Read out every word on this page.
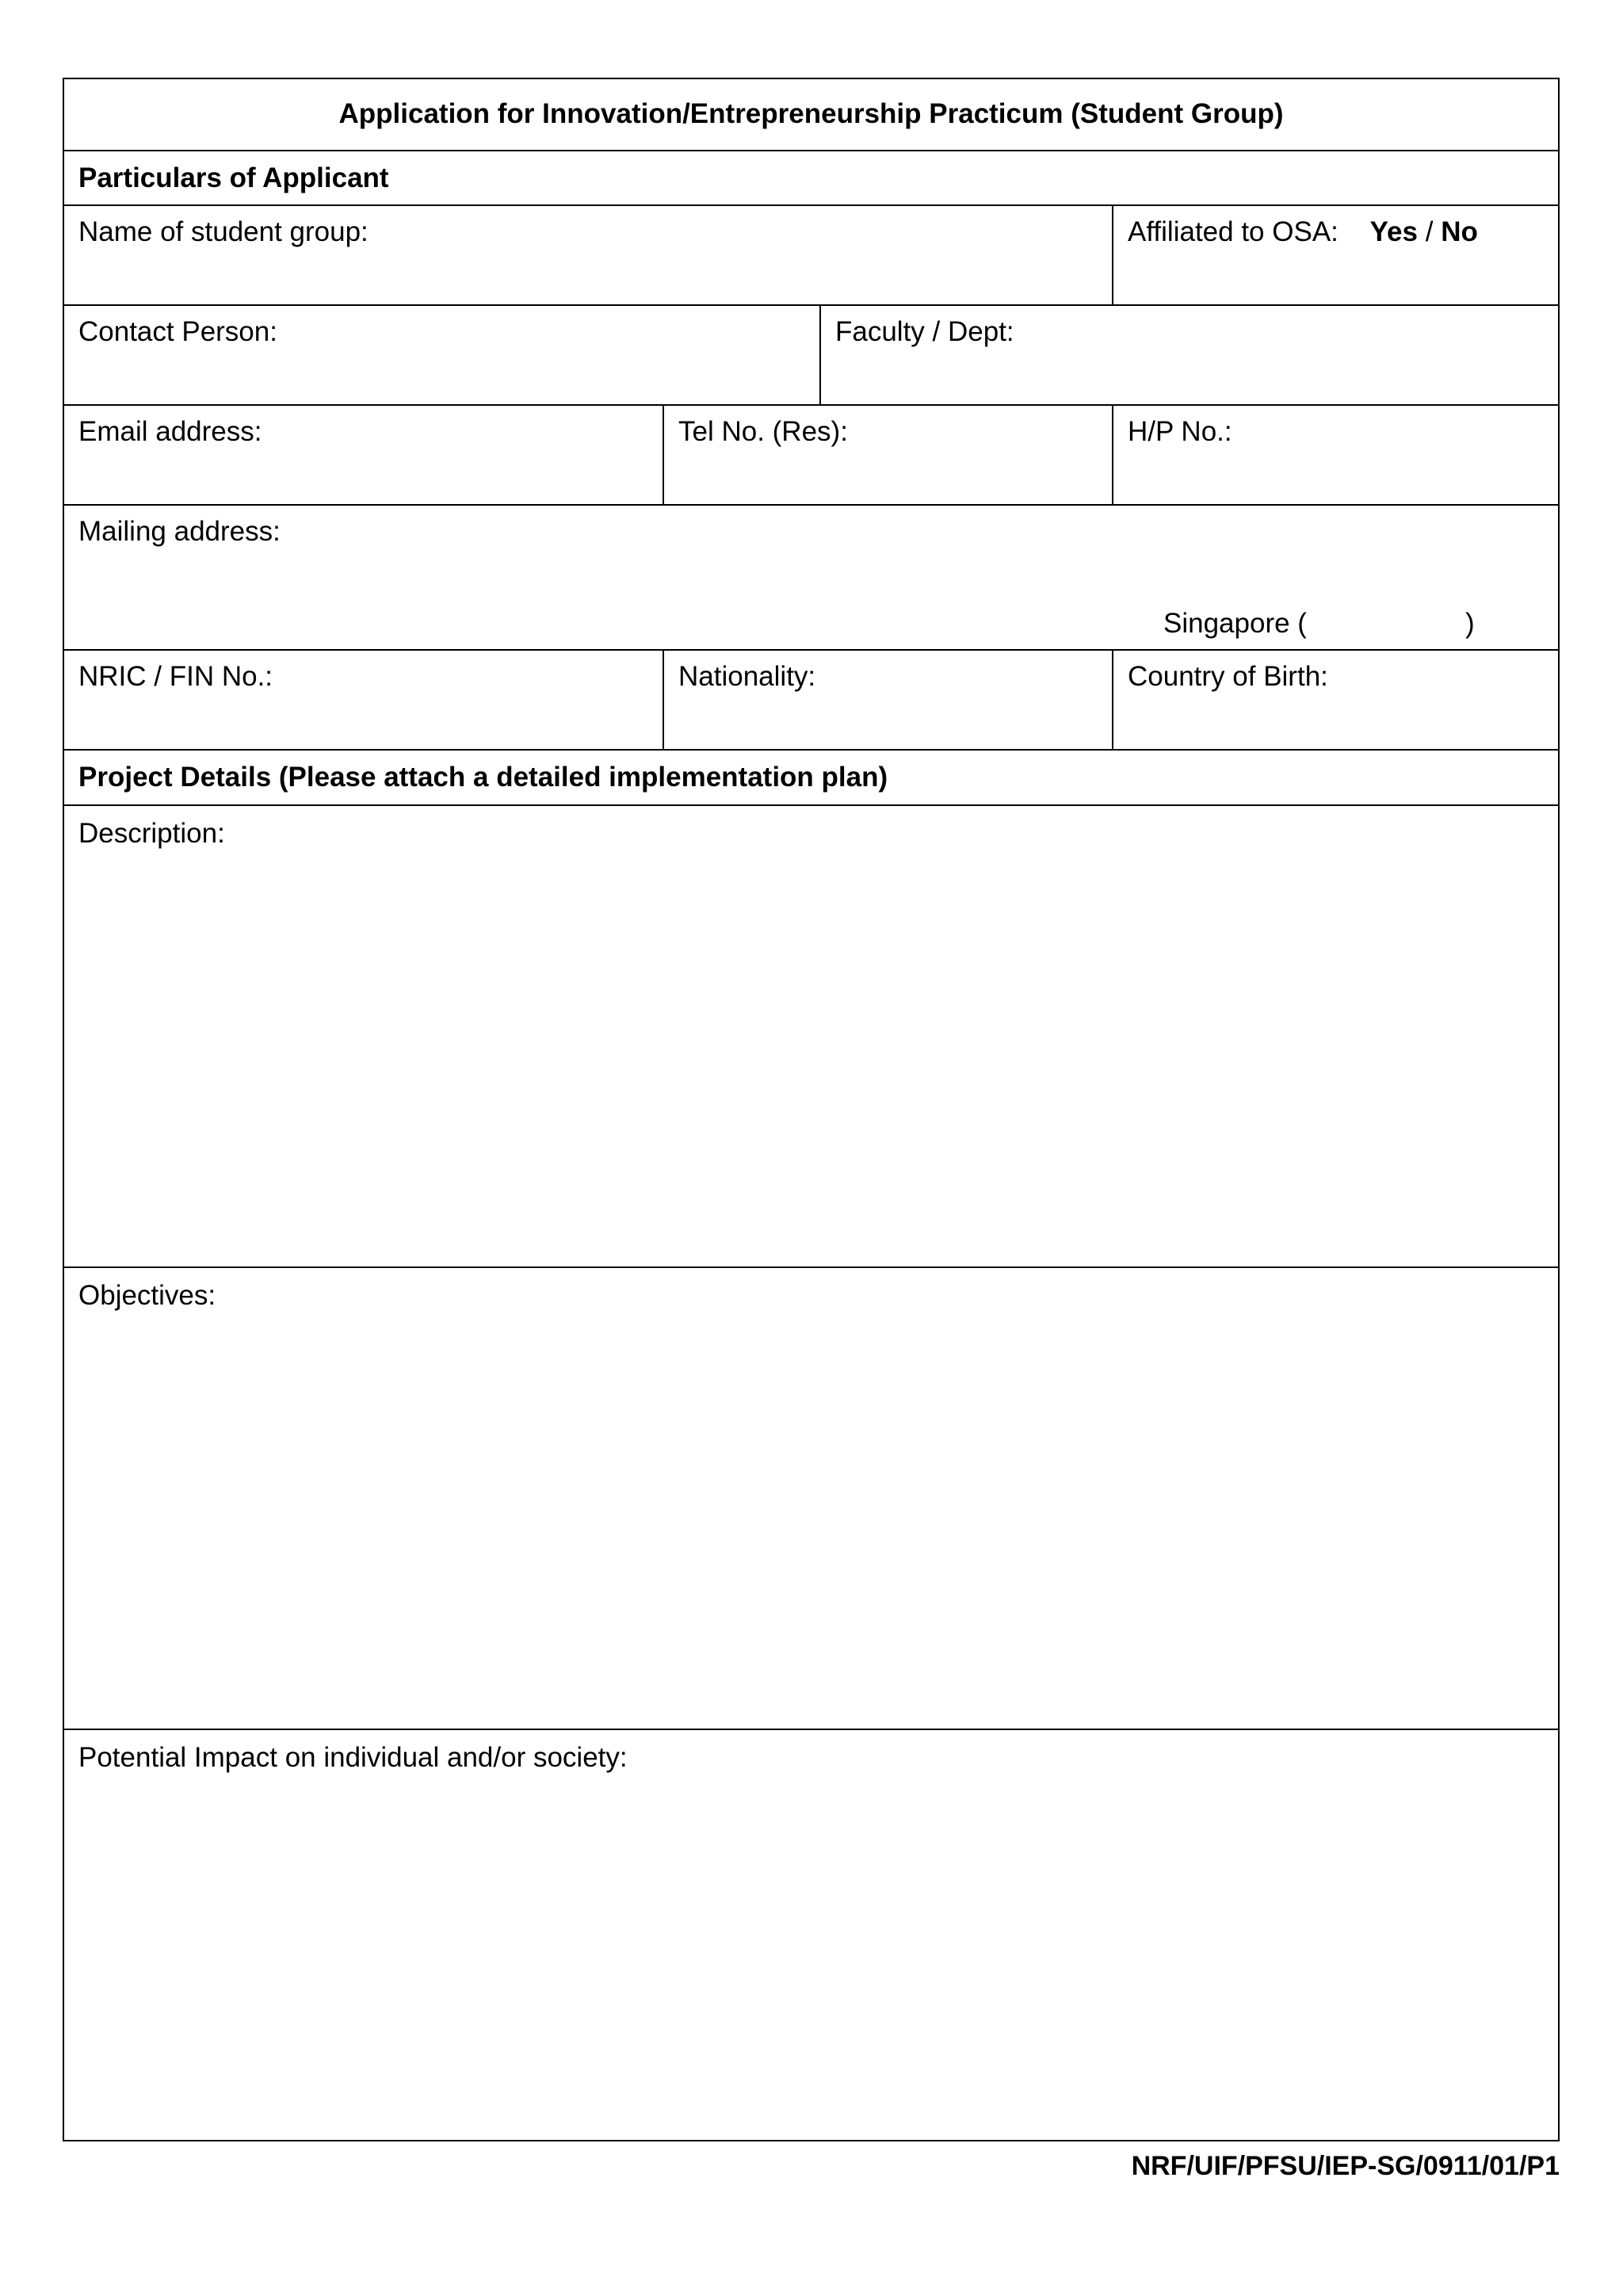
Application for Innovation/Entrepreneurship Practicum (Student Group)
Particulars of Applicant
Name of student group:	Affiliated to OSA: Yes / No
Contact Person:	Faculty / Dept:
Email address:	Tel No. (Res):	H/P No.:
Mailing address:
Singapore (	)
NRIC / FIN No.:	Nationality:	Country of Birth:
Project Details (Please attach a detailed implementation plan)
Description:
Objectives:
Potential Impact on individual and/or society:
NRF/UIF/PFSU/IEP-SG/0911/01/P1
